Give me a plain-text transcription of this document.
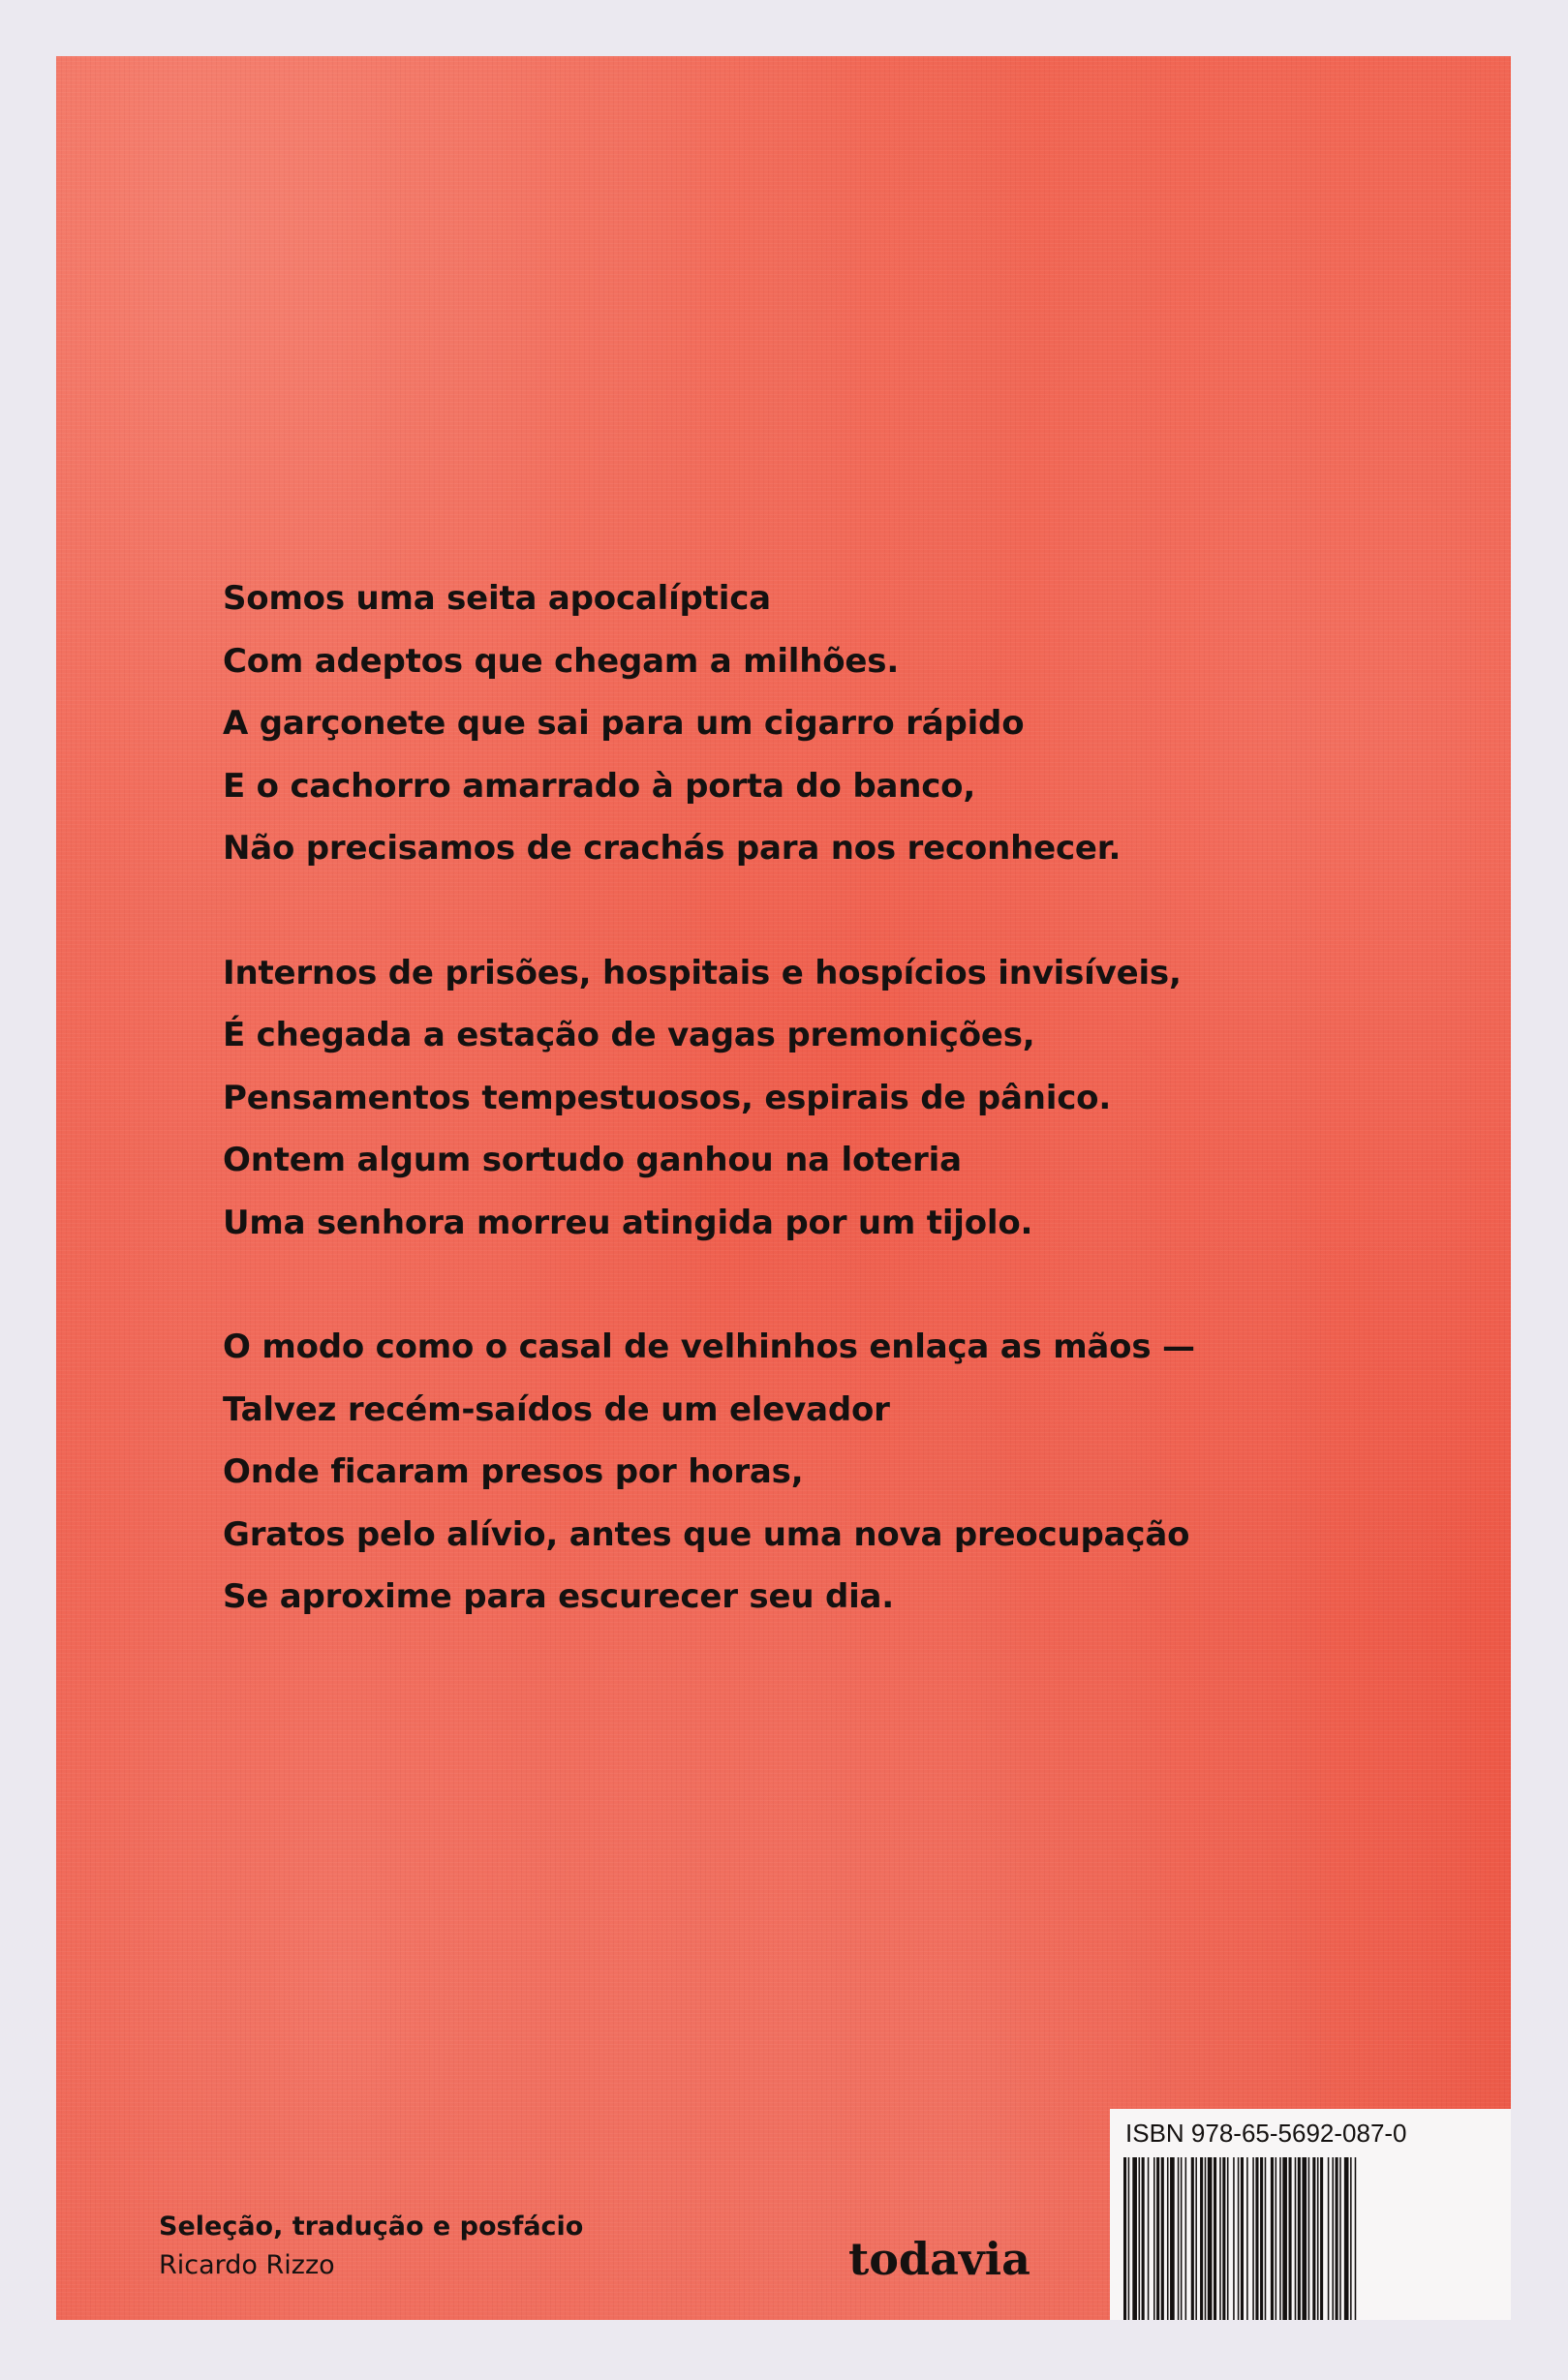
Somos uma seita apocalíptica
Com adeptos que chegam a milhões.
A garçonete que sai para um cigarro rápido
E o cachorro amarrado à porta do banco,
Não precisamos de crachás para nos reconhecer.
Internos de prisões, hospitais e hospícios invisíveis,
É chegada a estação de vagas premonições,
Pensamentos tempestuosos, espirais de pânico.
Ontem algum sortudo ganhou na loteria
Uma senhora morreu atingida por um tijolo.
O modo como o casal de velhinhos enlaça as mãos —
Talvez recém-saídos de um elevador
Onde ficaram presos por horas,
Gratos pelo alívio, antes que uma nova preocupação
Se aproxime para escurecer seu dia.
Seleção, tradução e posfácio
Ricardo Rizzo	todavia
ISBN 978-65-5692-087-0
